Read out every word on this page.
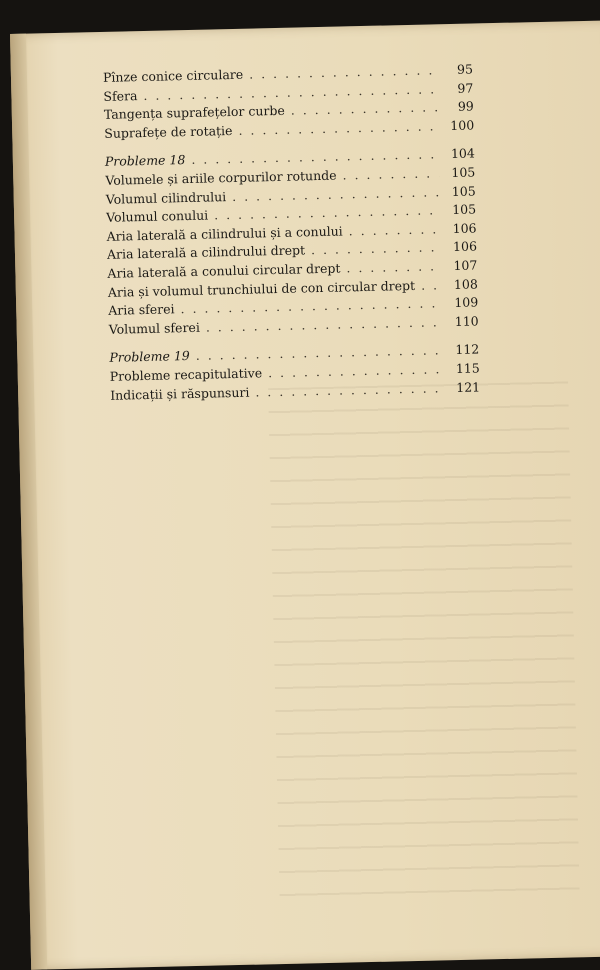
Pînze conice circulare . . .	95
Sfera . . .	97
Tangența suprafețelor curbe . . .	99
Suprafețe de rotație . . .	100
Probleme 18 . . .	104
Volumele și ariile corpurilor rotunde . . .	105
Volumul cilindrului . . .	105
Volumul conului . . .	105
Aria laterală a cilindrului și a conului . . .	106
Aria laterală a cilindrului drept . . .	106
Aria laterală a conului circular drept . . .	107
Aria și volumul trunchiului de con circular drept . . .	108
Aria sferei . . .	109
Volumul sferei . . .	110
Probleme 19 . . .	112
Probleme recapitulative . . .	115
Indicații și răspunsuri . . .	121
